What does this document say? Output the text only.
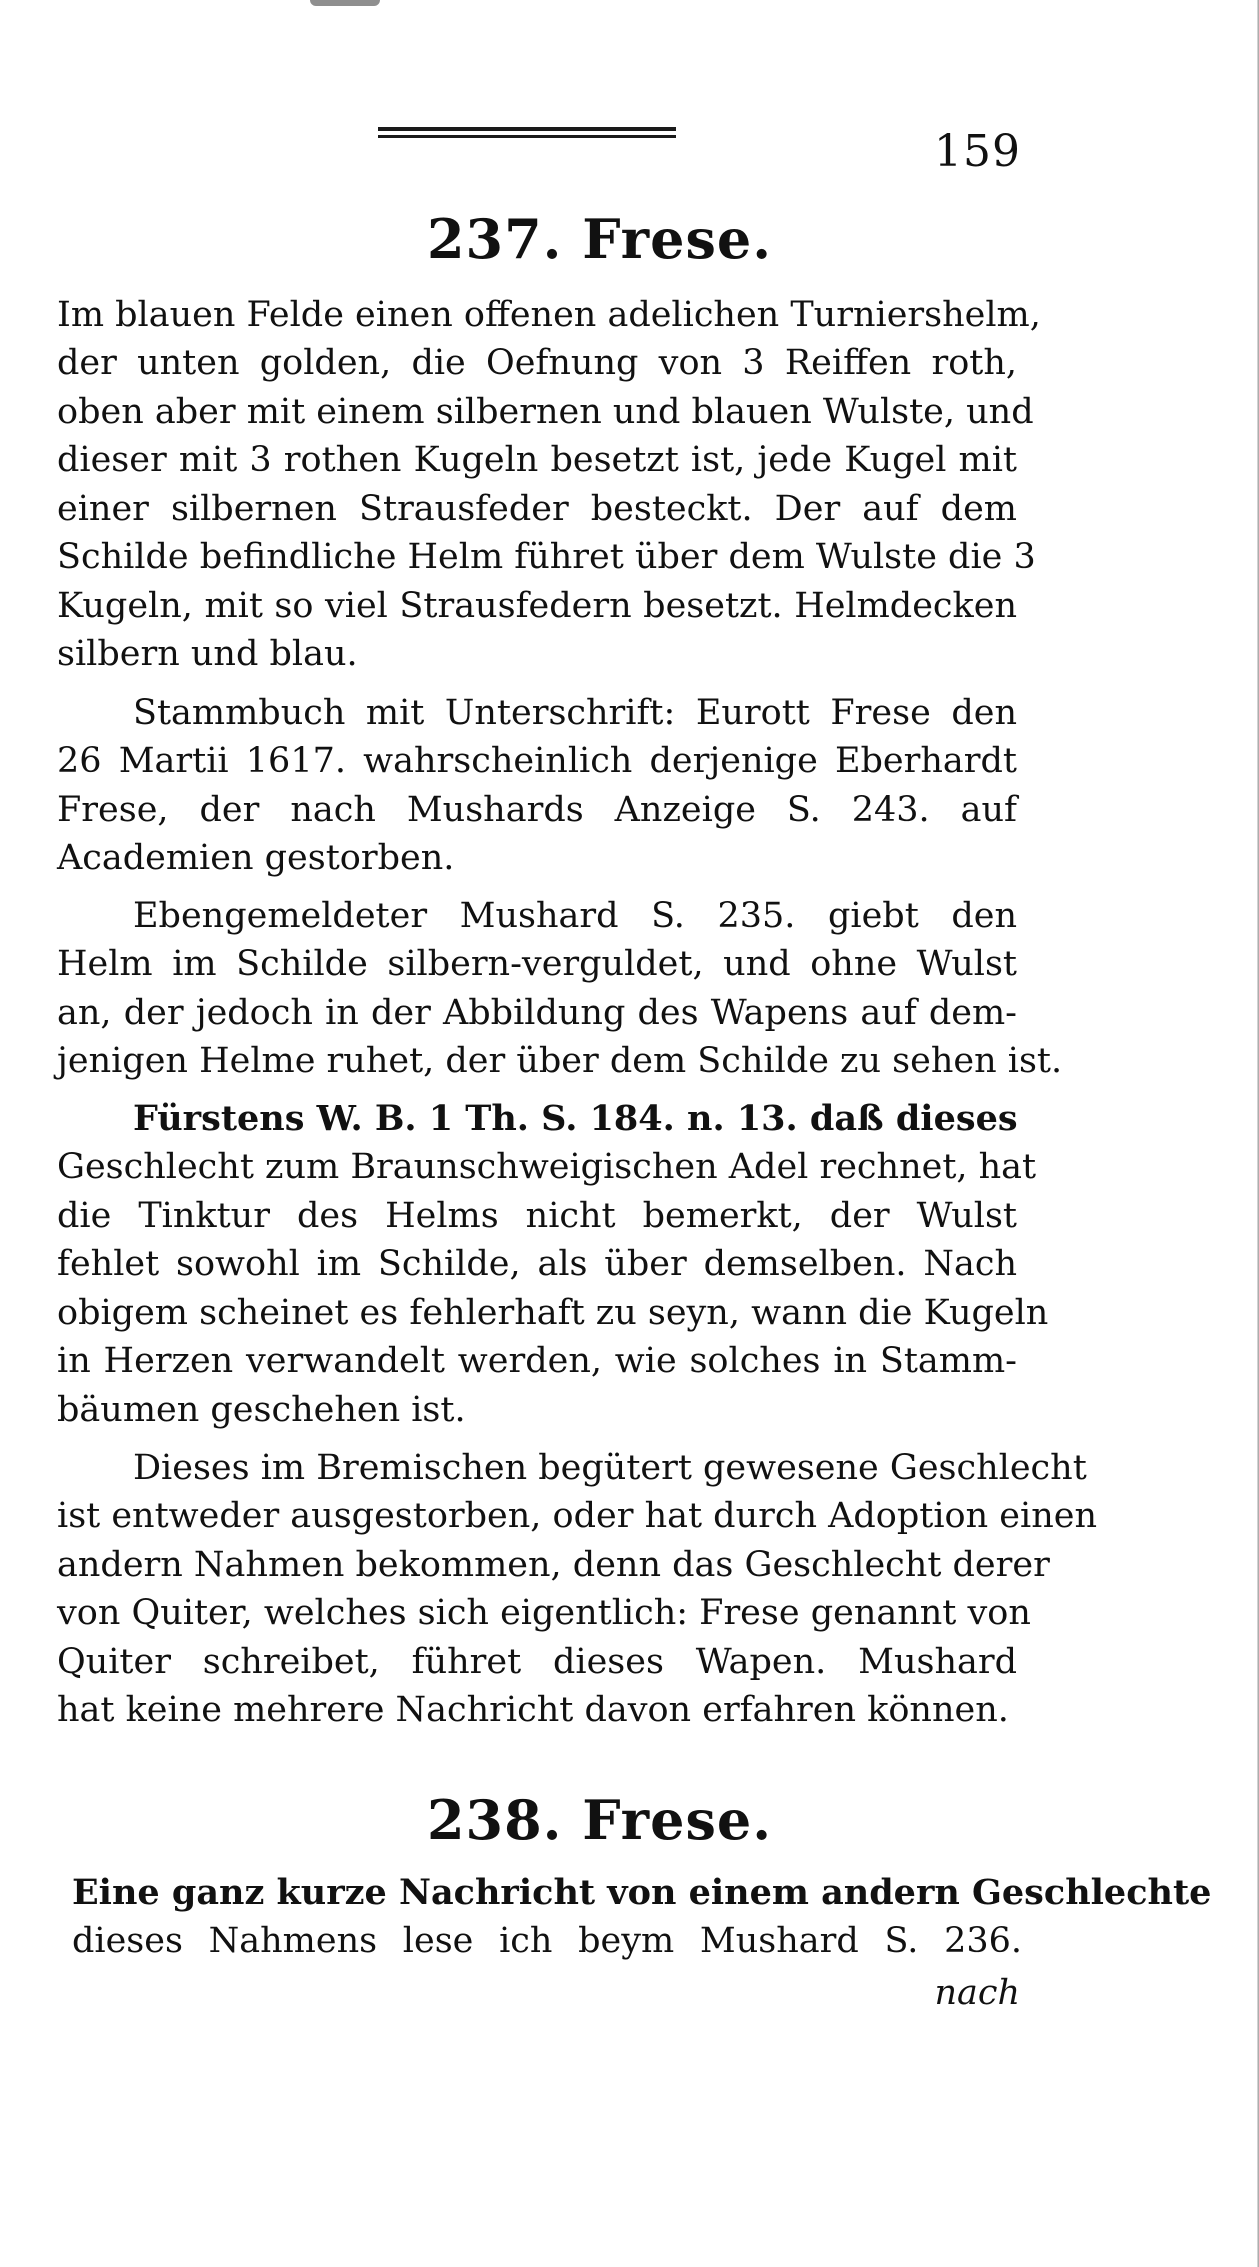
159
237. Frese.
Im blauen Felde einen offenen adelichen Turniershelm,
der unten golden, die Oefnung von 3 Reiffen roth,
oben aber mit einem silbernen und blauen Wulste, und
dieser mit 3 rothen Kugeln besetzt ist, jede Kugel mit
einer silbernen Strausfeder besteckt. Der auf dem
Schilde befindliche Helm führet über dem Wulste die 3
Kugeln, mit so viel Strausfedern besetzt. Helmdecken
silbern und blau.
Stammbuch mit Unterschrift: Eurott Frese den
26 Martii 1617. wahrscheinlich derjenige Eberhardt
Frese, der nach Mushards Anzeige S. 243. auf
Academien gestorben.
Ebengemeldeter Mushard S. 235. giebt den
Helm im Schilde silbern-verguldet, und ohne Wulst
an, der jedoch in der Abbildung des Wapens auf dem-
jenigen Helme ruhet, der über dem Schilde zu sehen ist.
Fürstens W. B. 1 Th. S. 184. n. 13. daß dieses
Geschlecht zum Braunschweigischen Adel rechnet, hat
die Tinktur des Helms nicht bemerkt, der Wulst
fehlet sowohl im Schilde, als über demselben. Nach
obigem scheinet es fehlerhaft zu seyn, wann die Kugeln
in Herzen verwandelt werden, wie solches in Stamm-
bäumen geschehen ist.
Dieses im Bremischen begütert gewesene Geschlecht
ist entweder ausgestorben, oder hat durch Adoption einen
andern Nahmen bekommen, denn das Geschlecht derer
von Quiter, welches sich eigentlich: Frese genannt von
Quiter schreibet, führet dieses Wapen. Mushard
hat keine mehrere Nachricht davon erfahren können.
238. Frese.
Eine ganz kurze Nachricht von einem andern Geschlechte
dieses Nahmens lese ich beym Mushard S. 236.
nach
